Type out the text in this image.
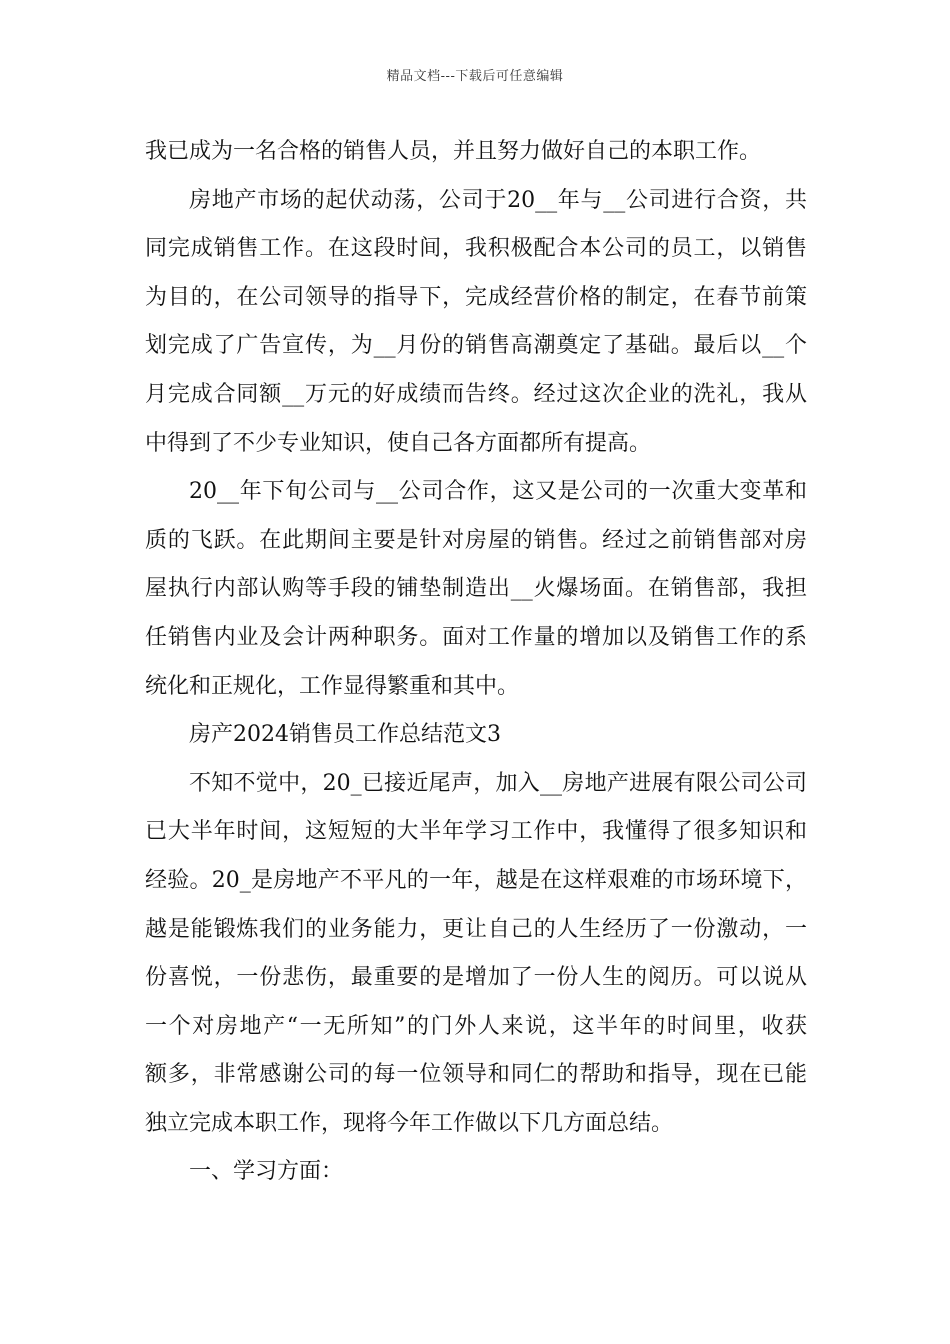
精品文档---下载后可任意编辑
我已成为一名合格的销售人员，并且努力做好自己的本职工作。
房地产市场的起伏动荡，公司于20__年与__公司进行合资，共
同完成销售工作。在这段时间，我积极配合本公司的员工，以销售
为目的，在公司领导的指导下，完成经营价格的制定，在春节前策
划完成了广告宣传，为__月份的销售高潮奠定了基础。最后以__个
月完成合同额__万元的好成绩而告终。经过这次企业的洗礼，我从
中得到了不少专业知识，使自己各方面都所有提高。
20__年下旬公司与__公司合作，这又是公司的一次重大变革和
质的飞跃。在此期间主要是针对房屋的销售。经过之前销售部对房
屋执行内部认购等手段的铺垫制造出__火爆场面。在销售部，我担
任销售内业及会计两种职务。面对工作量的增加以及销售工作的系
统化和正规化，工作显得繁重和其中。
房产2024销售员工作总结范文3
不知不觉中，20_已接近尾声，加入__房地产进展有限公司公司
已大半年时间，这短短的大半年学习工作中，我懂得了很多知识和
经验。20_是房地产不平凡的一年，越是在这样艰难的市场环境下，
越是能锻炼我们的业务能力，更让自己的人生经历了一份激动，一
份喜悦，一份悲伤，最重要的是增加了一份人生的阅历。可以说从
一个对房地产“一无所知”的门外人来说，这半年的时间里，收获
额多，非常感谢公司的每一位领导和同仁的帮助和指导，现在已能
独立完成本职工作，现将今年工作做以下几方面总结。
一、学习方面：
